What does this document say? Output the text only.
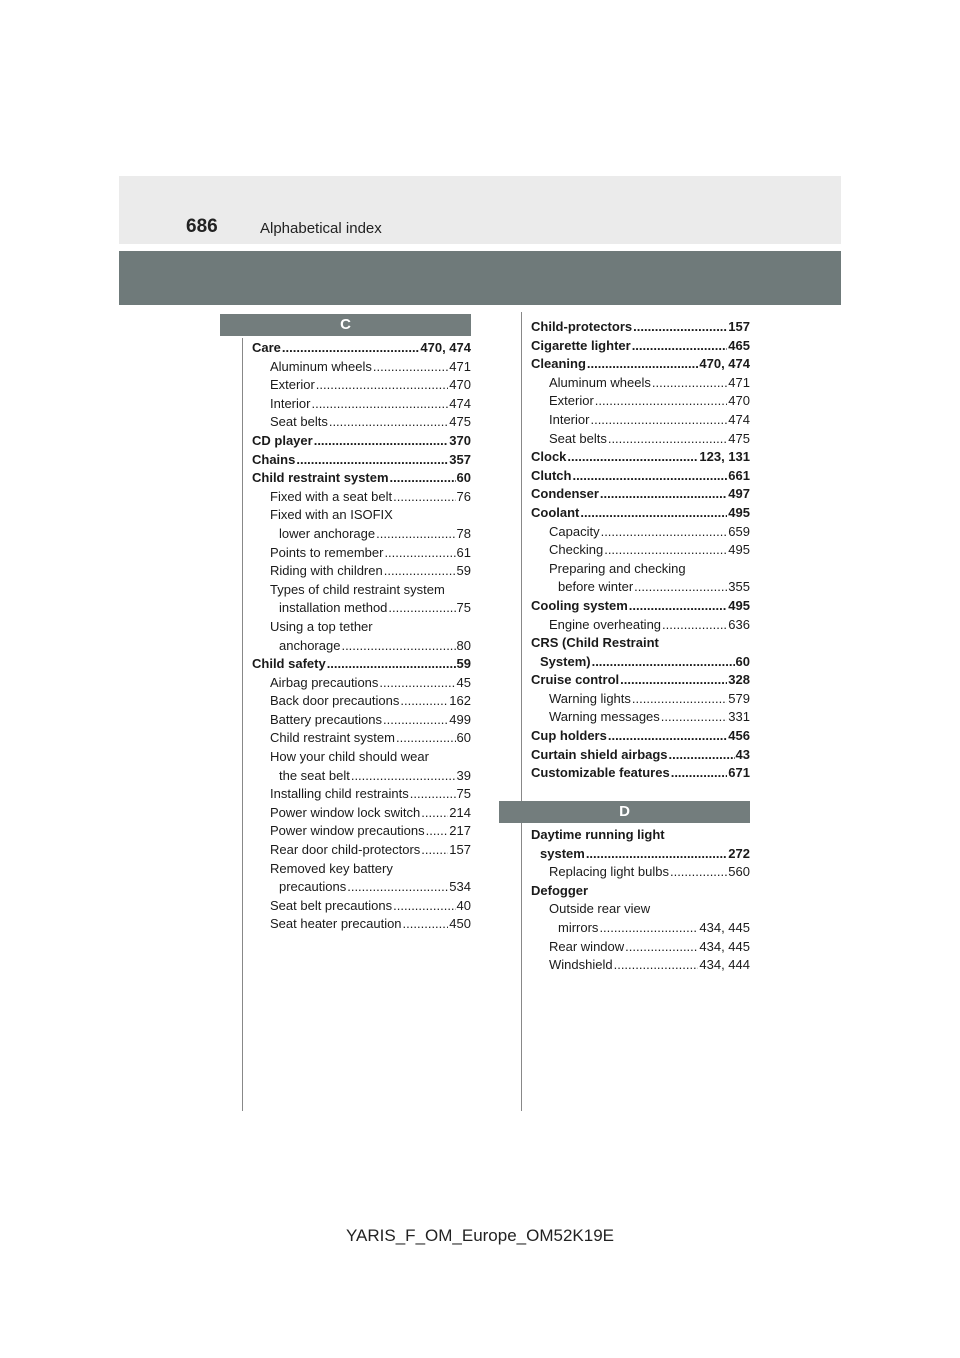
686	Alphabetical index
C
Care .....	470, 474
Aluminum wheels .....	471
Exterior .....	470
Interior .....	474
Seat belts .....	475
CD player .....	370
Chains .....	357
Child restraint system .....	60
Fixed with a seat belt .....	76
Fixed with an ISOFIX
lower anchorage .....	78
Points to remember .....	61
Riding with children .....	59
Types of child restraint system
installation method .....	75
Using a top tether
anchorage .....	80
Child safety .....	59
Airbag precautions .....	45
Back door precautions .....	162
Battery precautions .....	499
Child restraint system .....	60
How your child should wear
the seat belt .....	39
Installing child restraints .....	75
Power window lock switch ..... 214
Power window precautions ..... 217
Rear door child-protectors ..... 157
Removed key battery
precautions .....	534
Seat belt precautions .....	40
Seat heater precaution .....	450
Child-protectors .....	157
Cigarette lighter .....	465
Cleaning .....	470, 474
Aluminum wheels .....	471
Exterior .....	470
Interior .....	474
Seat belts .....	475
Clock .....	123, 131
Clutch .....	661
Condenser .....	497
Coolant .....	495
Capacity .....	659
Checking .....	495
Preparing and checking
before winter .....	355
Cooling system .....	495
Engine overheating .....	636
CRS (Child Restraint
System) .....	60
Cruise control .....	328
Warning lights .....	579
Warning messages .....	331
Cup holders .....	456
Curtain shield airbags .....	43
Customizable features .....	671
D
Daytime running light
system .....	272
Replacing light bulbs .....	560
Defogger
Outside rear view
mirrors .....	434, 445
Rear window .....	434, 445
Windshield .....	434, 444
YARIS_F_OM_Europe_OM52K19E
